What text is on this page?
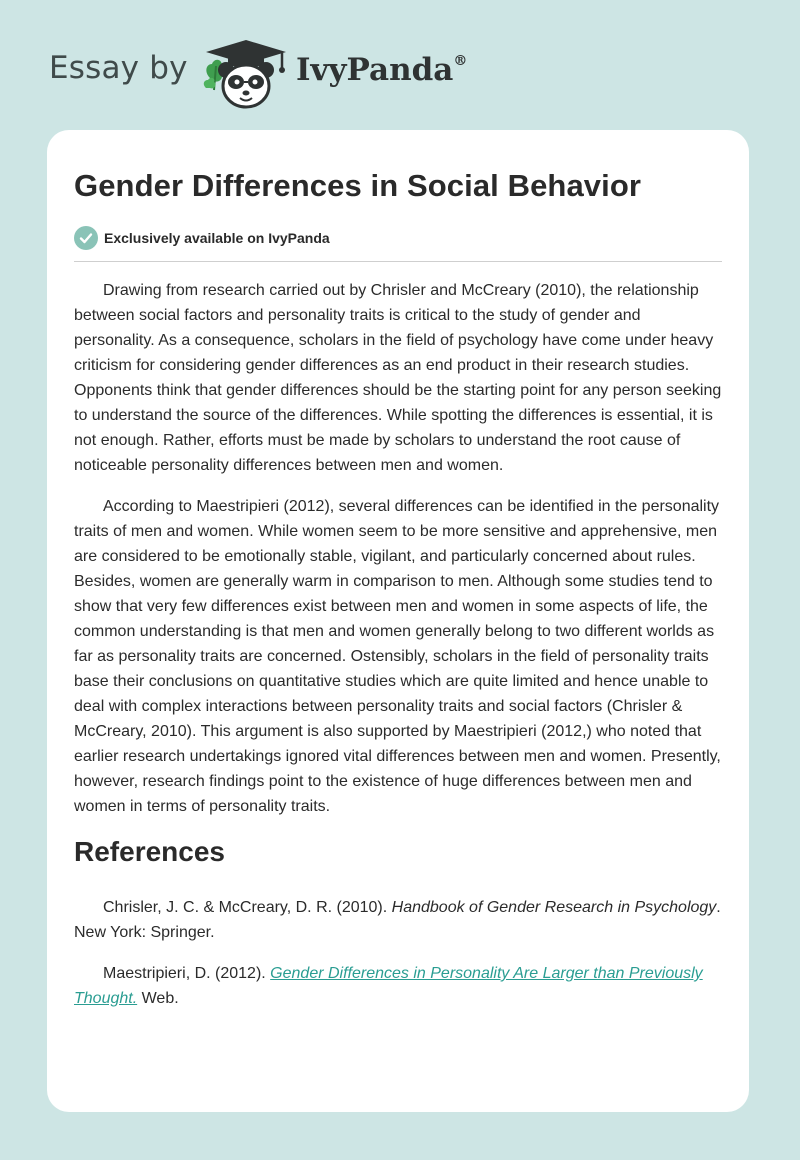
Essay by	IvyPanda®
Gender Differences in Social Behavior
Exclusively available on IvyPanda

Drawing from research carried out by Chrisler and McCreary (2010), the relationship between social factors and personality traits is critical to the study of gender and personality. As a consequence, scholars in the field of psychology have come under heavy criticism for considering gender differences as an end product in their research studies. Opponents think that gender differences should be the starting point for any person seeking to understand the source of the differences. While spotting the differences is essential, it is not enough. Rather, efforts must be made by scholars to understand the root cause of noticeable personality differences between men and women.

According to Maestripieri (2012), several differences can be identified in the personality traits of men and women. While women seem to be more sensitive and apprehensive, men are considered to be emotionally stable, vigilant, and particularly concerned about rules. Besides, women are generally warm in comparison to men. Although some studies tend to show that very few differences exist between men and women in some aspects of life, the common understanding is that men and women generally belong to two different worlds as far as personality traits are concerned. Ostensibly, scholars in the field of personality traits base their conclusions on quantitative studies which are quite limited and hence unable to deal with complex interactions between personality traits and social factors (Chrisler & McCreary, 2010). This argument is also supported by Maestripieri (2012,) who noted that earlier research undertakings ignored vital differences between men and women. Presently, however, research findings point to the existence of huge differences between men and women in terms of personality traits.

References

Chrisler, J. C. & McCreary, D. R. (2010). Handbook of Gender Research in Psychology. New York: Springer.

Maestripieri, D. (2012). Gender Differences in Personality Are Larger than Previously Thought. Web.
